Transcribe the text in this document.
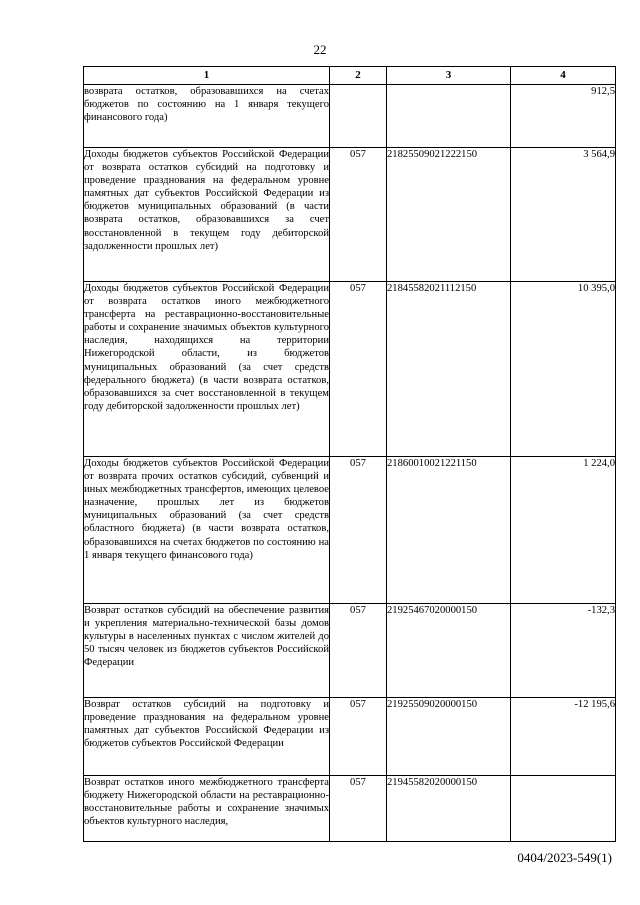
22
1	2	3	4
возврата остатков, образовавшихся на счетах бюджетов по состоянию на 1 января текущего финансового года)			912,5
Доходы бюджетов субъектов Российской Федерации от возврата остатков субсидий на подготовку и проведение празднования на федеральном уровне памятных дат субъектов Российской Федерации из бюджетов муниципальных образований (в части возврата остатков, образовавшихся за счет восстановленной в текущем году дебиторской задолженности прошлых лет)	057	21825509021222150	3 564,9
Доходы бюджетов субъектов Российской Федерации от возврата остатков иного межбюджетного трансферта на реставрационно-восстановительные работы и сохранение значимых объектов культурного наследия, находящихся на территории Нижегородской области, из бюджетов муниципальных образований (за счет средств федерального бюджета) (в части возврата остатков, образовавшихся за счет восстановленной в текущем году дебиторской задолженности прошлых лет)	057	21845582021112150	10 395,0
Доходы бюджетов субъектов Российской Федерации от возврата прочих остатков субсидий, субвенций и иных межбюджетных трансфертов, имеющих целевое назначение, прошлых лет из бюджетов муниципальных образований (за счет средств областного бюджета) (в части возврата остатков, образовавшихся на счетах бюджетов по состоянию на 1 января текущего финансового года)	057	21860010021221150	1 224,0
Возврат остатков субсидий на обеспечение развития и укрепления материально-технической базы домов культуры в населенных пунктах с числом жителей до 50 тысяч человек из бюджетов субъектов Российской Федерации	057	21925467020000150	-132,3
Возврат остатков субсидий на подготовку и проведение празднования на федеральном уровне памятных дат субъектов Российской Федерации из бюджетов субъектов Российской Федерации	057	21925509020000150	-12 195,6
Возврат остатков иного межбюджетного трансферта бюджету Нижегородской области на реставрационно-восстановительные работы и сохранение значимых объектов культурного наследия,	057	21945582020000150	
0404/2023-549(1)
